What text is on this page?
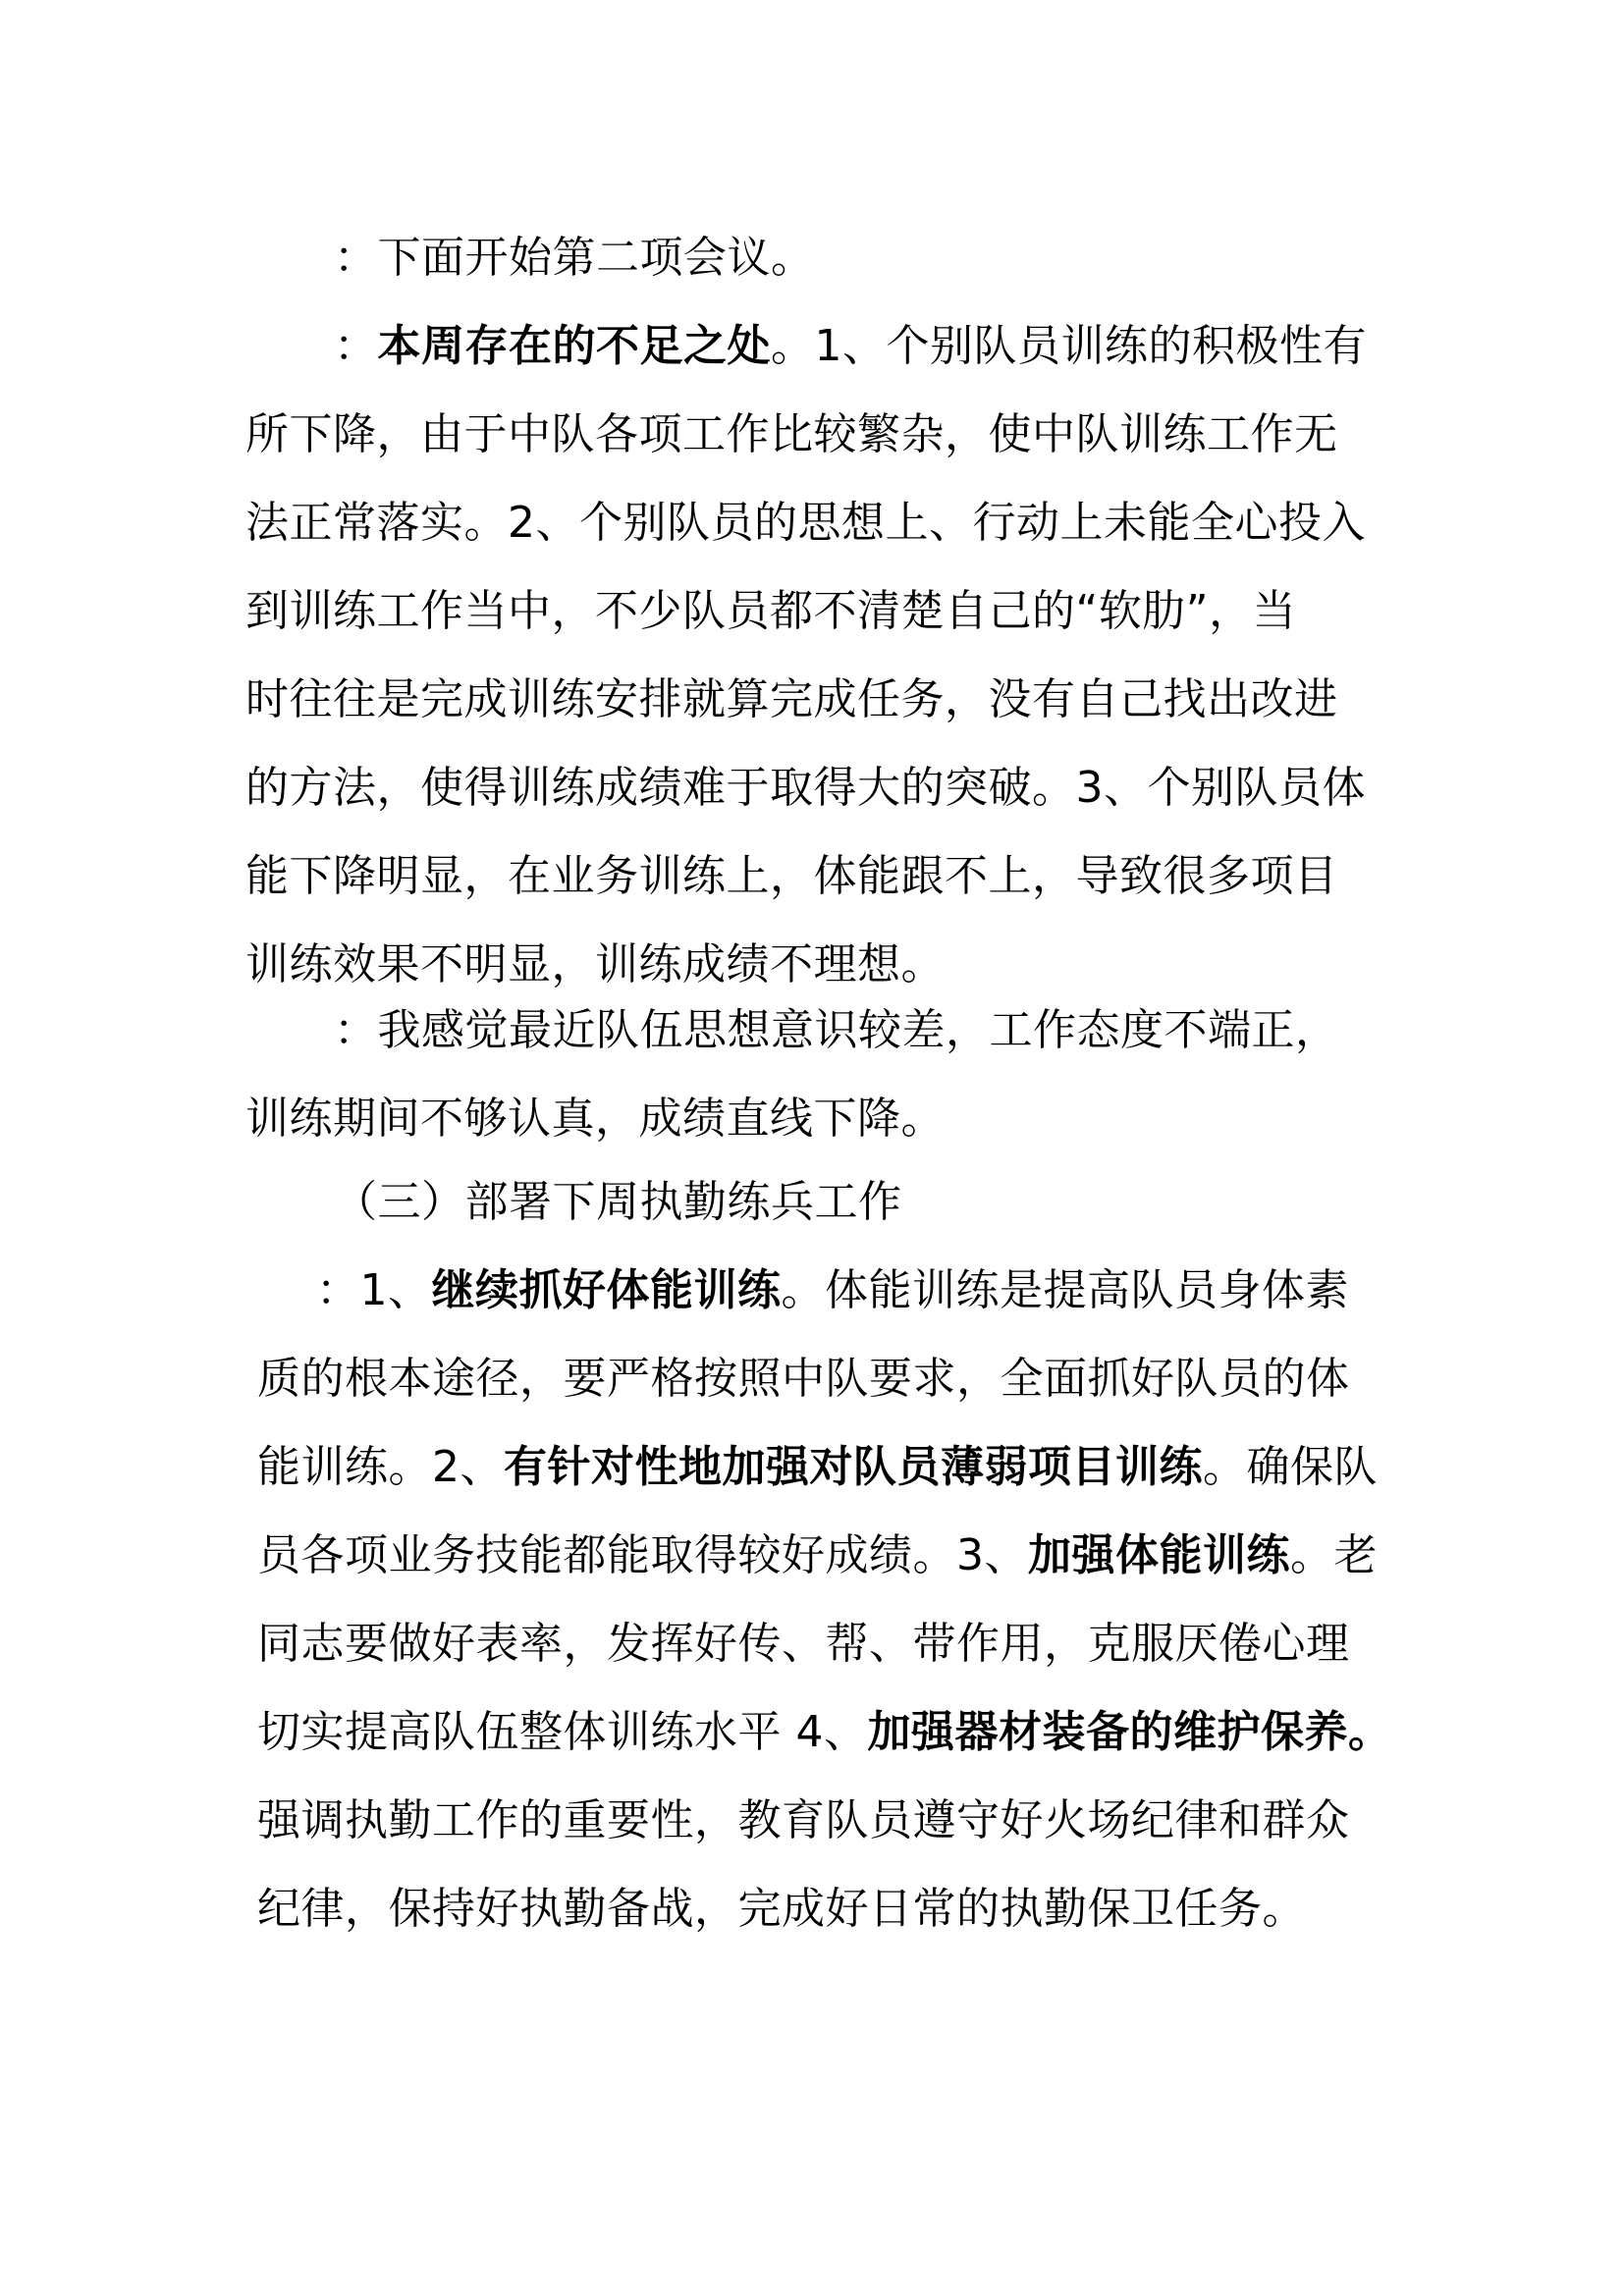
：下面开始第二项会议。
：本周存在的不足之处。1、个别队员训练的积极性有
所下降，由于中队各项工作比较繁杂，使中队训练工作无
法正常落实。2、个别队员的思想上、行动上未能全心投入
到训练工作当中，不少队员都不清楚自己的“软肋”，当
时往往是完成训练安排就算完成任务，没有自己找出改进
的方法，使得训练成绩难于取得大的突破。3、个别队员体
能下降明显，在业务训练上，体能跟不上，导致很多项目
训练效果不明显，训练成绩不理想。
：我感觉最近队伍思想意识较差，工作态度不端正，
训练期间不够认真，成绩直线下降。
（三）部署下周执勤练兵工作
：1、继续抓好体能训练。体能训练是提高队员身体素
质的根本途径，要严格按照中队要求，全面抓好队员的体
能训练。2、有针对性地加强对队员薄弱项目训练。确保队
员各项业务技能都能取得较好成绩。3、加强体能训练。老
同志要做好表率，发挥好传、帮、带作用，克服厌倦心理
切实提高队伍整体训练水平 4、加强器材装备的维护保养。
强调执勤工作的重要性，教育队员遵守好火场纪律和群众
纪律，保持好执勤备战，完成好日常的执勤保卫任务。
